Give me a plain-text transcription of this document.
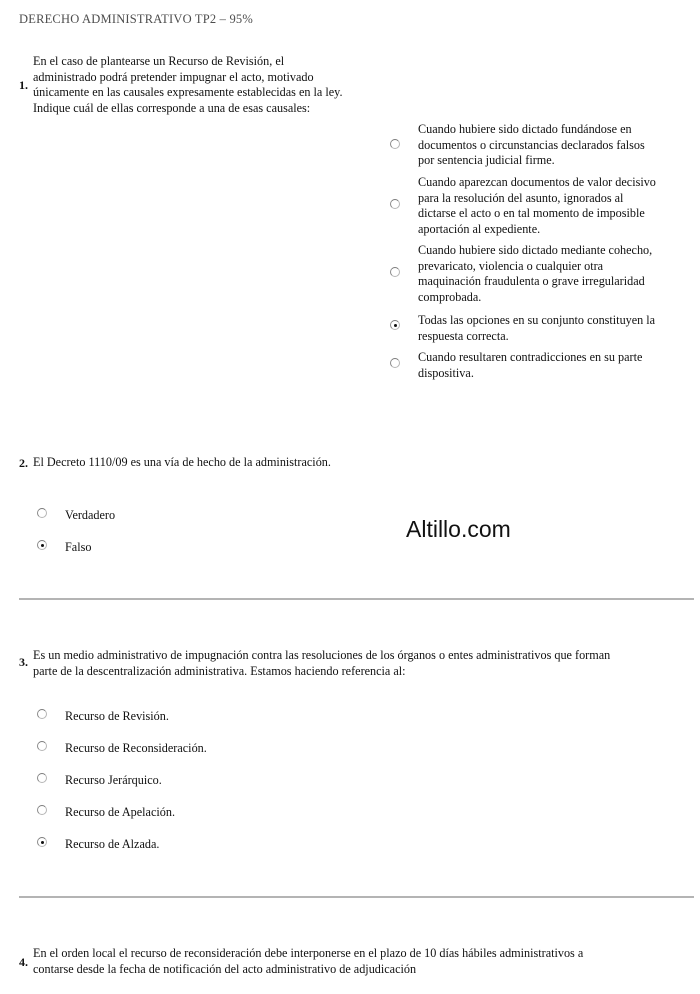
DERECHO ADMINISTRATIVO TP2 – 95%
1.
En el caso de plantearse un Recurso de Revisión, el
administrado podrá pretender impugnar el acto, motivado
únicamente en las causales expresamente establecidas en la ley.
Indique cuál de ellas corresponde a una de esas causales:
Cuando hubiere sido dictado fundándose en
documentos o circunstancias declarados falsos
por sentencia judicial firme.
Cuando aparezcan documentos de valor decisivo
para la resolución del asunto, ignorados al
dictarse el acto o en tal momento de imposible
aportación al expediente.
Cuando hubiere sido dictado mediante cohecho,
prevaricato, violencia o cualquier otra
maquinación fraudulenta o grave irregularidad
comprobada.
Todas las opciones en su conjunto constituyen la
respuesta correcta.
Cuando resultaren contradicciones en su parte
dispositiva.
2. El Decreto 1110/09 es una vía de hecho de la administración.
Verdadero
Falso
Altillo.com
3. Es un medio administrativo de impugnación contra las resoluciones de los órganos o entes administrativos que forman
parte de la descentralización administrativa. Estamos haciendo referencia al:
Recurso de Revisión.
Recurso de Reconsideración.
Recurso Jerárquico.
Recurso de Apelación.
Recurso de Alzada.
4.
En el orden local el recurso de reconsideración debe interponerse en el plazo de 10 días hábiles administrativos a
contarse desde la fecha de notificación del acto administrativo de adjudicación
